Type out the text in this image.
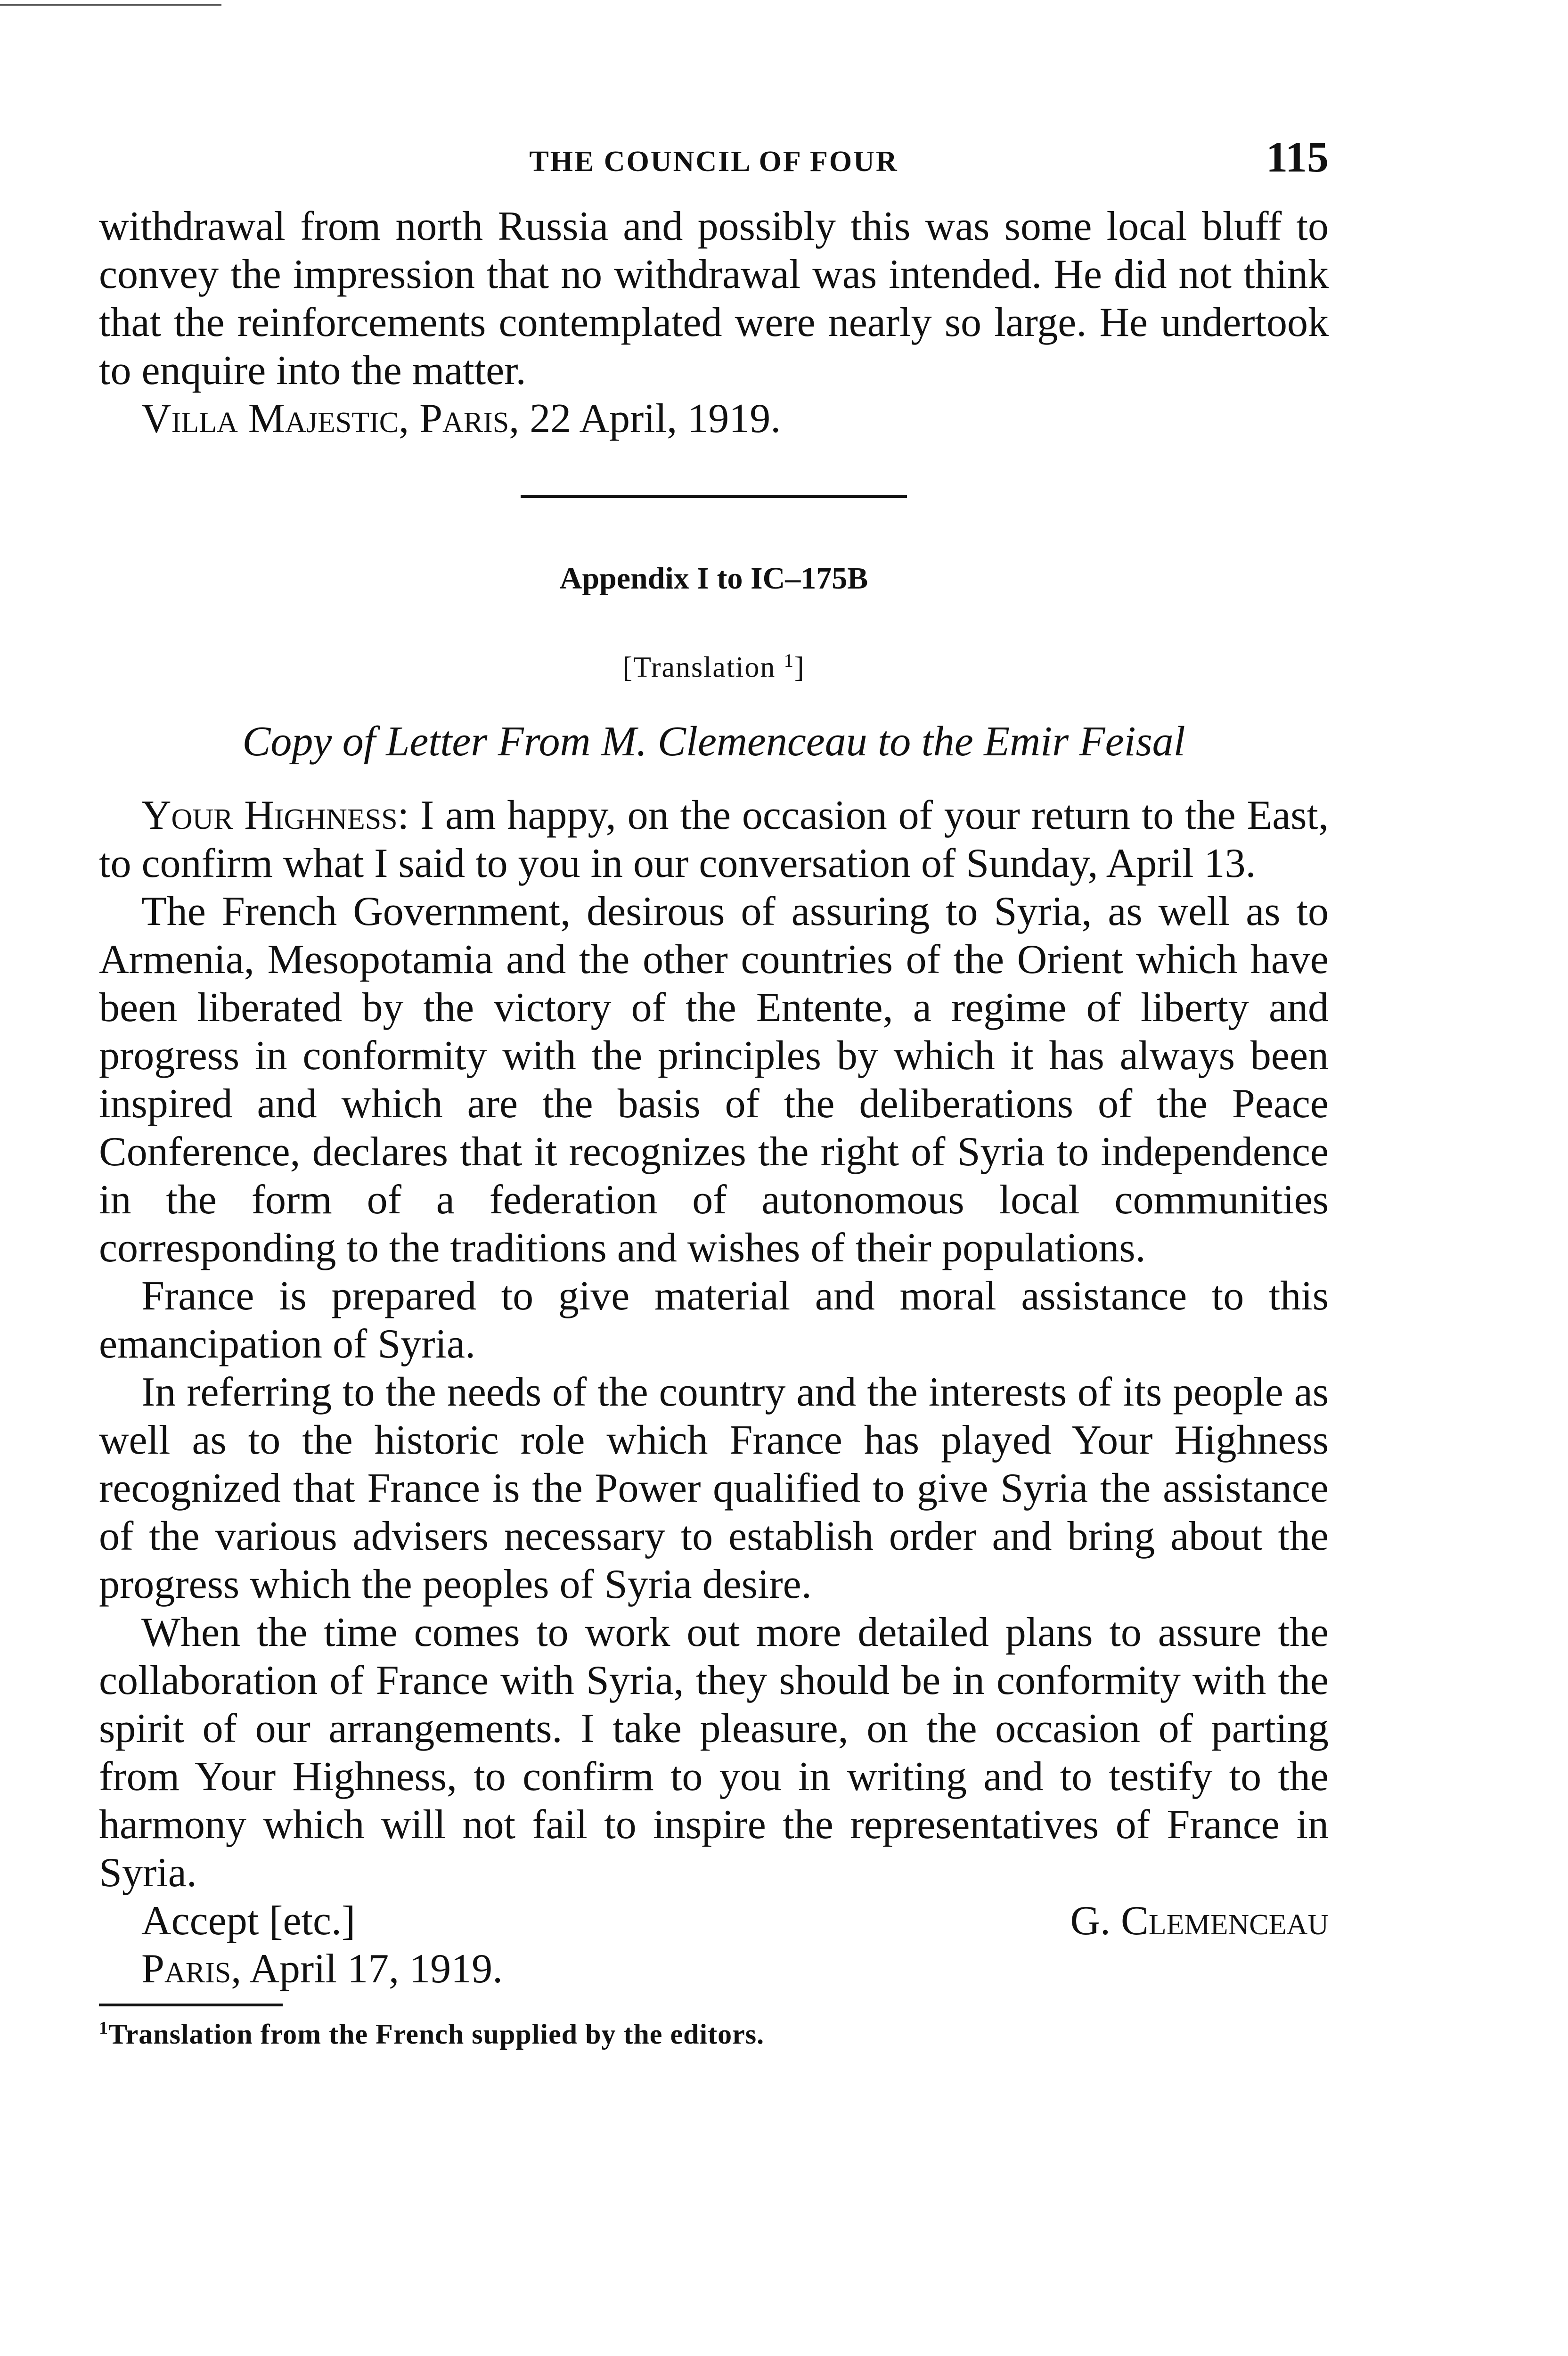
THE COUNCIL OF FOUR	115

withdrawal from north Russia and possibly this was some local bluff to convey the impression that no withdrawal was intended. He did not think that the reinforcements contemplated were nearly so large. He undertook to enquire into the matter.

Villa Majestic, Paris, 22 April, 1919.

Appendix I to IC–175B
[Translation $^1$]
Copy of Letter From M. Clemenceau to the Emir Feisal

Your Highness: I am happy, on the occasion of your return to the East, to confirm what I said to you in our conversation of Sunday, April 13.

The French Government, desirous of assuring to Syria, as well as to Armenia, Mesopotamia and the other countries of the Orient which have been liberated by the victory of the Entente, a regime of liberty and progress in conformity with the principles by which it has always been inspired and which are the basis of the deliberations of the Peace Conference, declares that it recognizes the right of Syria to independence in the form of a federation of autonomous local communities corresponding to the traditions and wishes of their populations.

France is prepared to give material and moral assistance to this emancipation of Syria.

In referring to the needs of the country and the interests of its people as well as to the historic role which France has played Your Highness recognized that France is the Power qualified to give Syria the assistance of the various advisers necessary to establish order and bring about the progress which the peoples of Syria desire.

When the time comes to work out more detailed plans to assure the collaboration of France with Syria, they should be in conformity with the spirit of our arrangements. I take pleasure, on the occasion of parting from Your Highness, to confirm to you in writing and to testify to the harmony which will not fail to inspire the representatives of France in Syria.

Accept [etc.]	G. Clemenceau

Paris, April 17, 1919.

$^1$Translation from the French supplied by the editors.
